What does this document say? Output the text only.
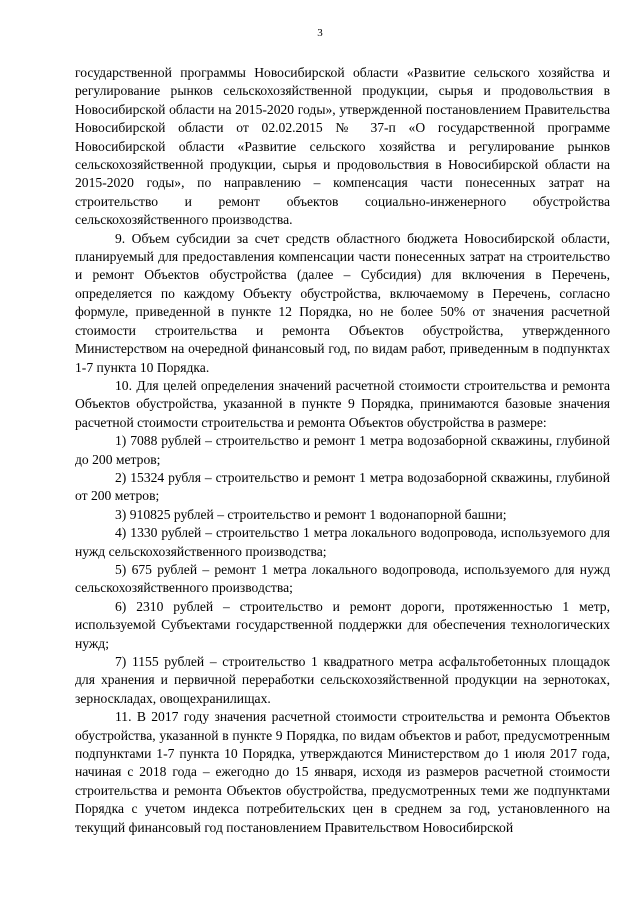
3

государственной программы Новосибирской области «Развитие сельского хозяйства и регулирование рынков сельскохозяйственной продукции, сырья и продовольствия в Новосибирской области на 2015-2020 годы», утвержденной постановлением Правительства Новосибирской области от 02.02.2015 № 37-п «О государственной программе Новосибирской области «Развитие сельского хозяйства и регулирование рынков сельскохозяйственной продукции, сырья и продовольствия в Новосибирской области на 2015-2020 годы», по направлению – компенсация части понесенных затрат на строительство и ремонт объектов социально-инженерного обустройства сельскохозяйственного производства.

9. Объем субсидии за счет средств областного бюджета Новосибирской области, планируемый для предоставления компенсации части понесенных затрат на строительство и ремонт Объектов обустройства (далее – Субсидия) для включения в Перечень, определяется по каждому Объекту обустройства, включаемому в Перечень, согласно формуле, приведенной в пункте 12 Порядка, но не более 50% от значения расчетной стоимости строительства и ремонта Объектов обустройства, утвержденного Министерством на очередной финансовый год, по видам работ, приведенным в подпунктах 1-7 пункта 10 Порядка.

10. Для целей определения значений расчетной стоимости строительства и ремонта Объектов обустройства, указанной в пункте 9 Порядка, принимаются базовые значения расчетной стоимости строительства и ремонта Объектов обустройства в размере:

1) 7088 рублей – строительство и ремонт 1 метра водозаборной скважины, глубиной до 200 метров;

2) 15324 рубля – строительство и ремонт 1 метра водозаборной скважины, глубиной от 200 метров;

3) 910825 рублей – строительство и ремонт 1 водонапорной башни;

4) 1330 рублей – строительство 1 метра локального водопровода, используемого для нужд сельскохозяйственного производства;

5) 675 рублей – ремонт 1 метра локального водопровода, используемого для нужд сельскохозяйственного производства;

6) 2310 рублей – строительство и ремонт дороги, протяженностью 1 метр, используемой Субъектами государственной поддержки для обеспечения технологических нужд;

7) 1155 рублей – строительство 1 квадратного метра асфальтобетонных площадок для хранения и первичной переработки сельскохозяйственной продукции на зернотоках, зерноскладах, овощехранилищах.

11. В 2017 году значения расчетной стоимости строительства и ремонта Объектов обустройства, указанной в пункте 9 Порядка, по видам объектов и работ, предусмотренным подпунктами 1-7 пункта 10 Порядка, утверждаются Министерством до 1 июля 2017 года, начиная с 2018 года – ежегодно до 15 января, исходя из размеров расчетной стоимости строительства и ремонта Объектов обустройства, предусмотренных теми же подпунктами Порядка с учетом индекса потребительских цен в среднем за год, установленного на текущий финансовый год постановлением Правительством Новосибирской
